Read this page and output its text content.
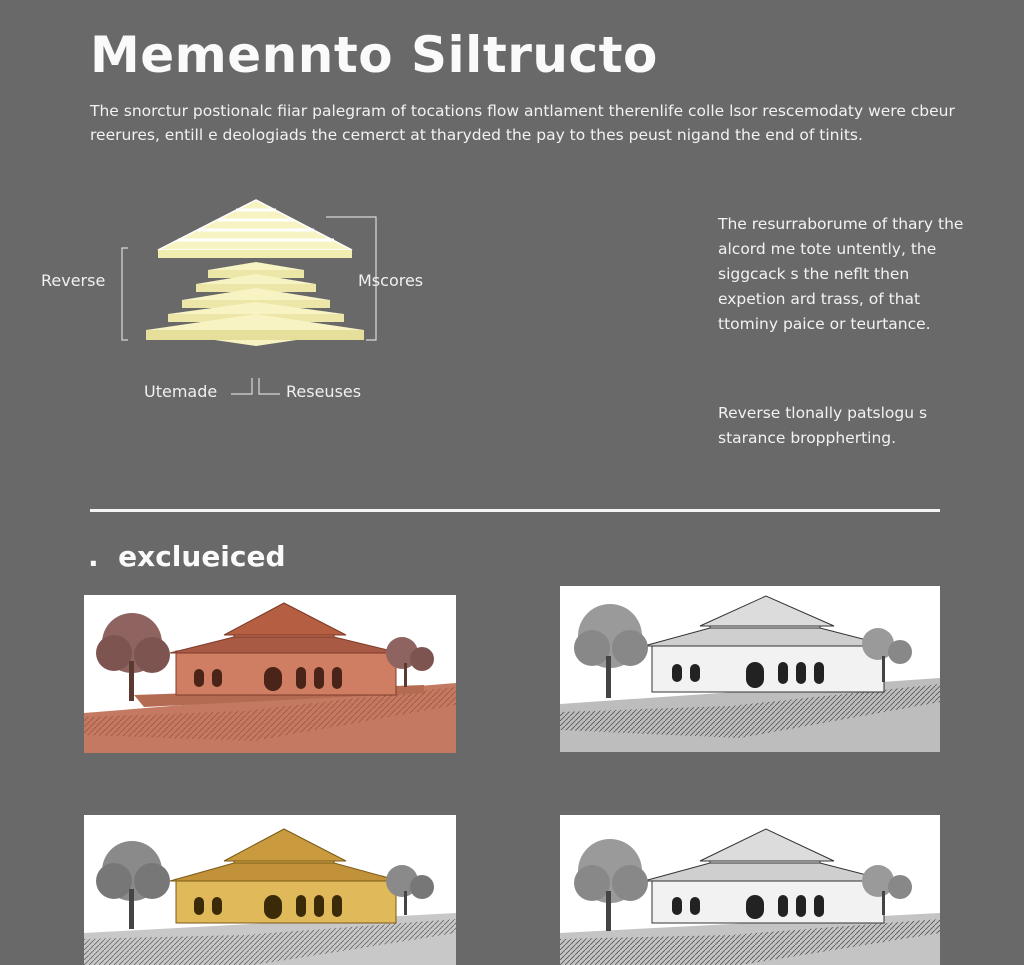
Memennto Siltructo

The snorctur postionalc fiiar palegram of tocations flow antlament therenlife colle lsor rescemodaty were cbeur reerures, entill e deologiads the cemerct at tharyded the pay to thes peust nigand the end of tinits.

Reverse	Mscores
Utemade	Reseuses

The resurraborume of thary the alcord me tote untently, the siggcack s the neflt then expetion ard trass, of that ttominy paice or teurtance.

Reverse tlonally patslogu s starance broppherting.

. exclueiced
